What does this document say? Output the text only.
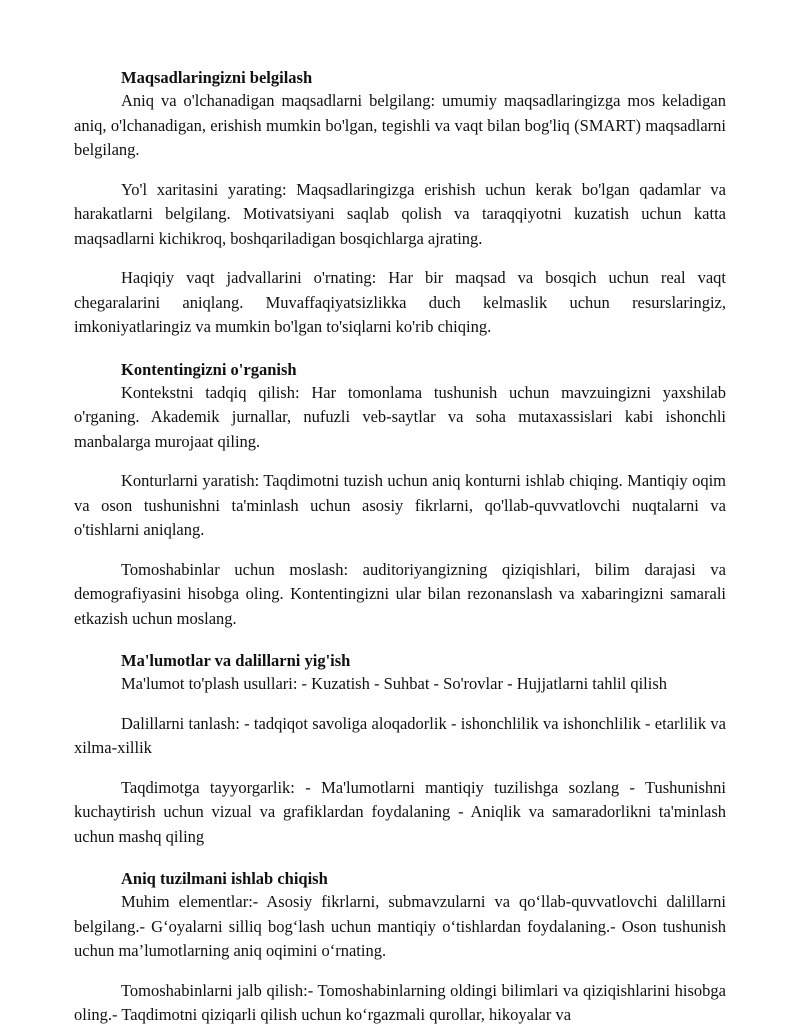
Maqsadlaringizni belgilash

Aniq va o'lchanadigan maqsadlarni belgilang: umumiy maqsadlaringizga mos keladigan aniq, o'lchanadigan, erishish mumkin bo'lgan, tegishli va vaqt bilan bog'liq (SMART) maqsadlarni belgilang.

Yo'l xaritasini yarating: Maqsadlaringizga erishish uchun kerak bo'lgan qadamlar va harakatlarni belgilang. Motivatsiyani saqlab qolish va taraqqiyotni kuzatish uchun katta maqsadlarni kichikroq, boshqariladigan bosqichlarga ajrating.

Haqiqiy vaqt jadvallarini o'rnating: Har bir maqsad va bosqich uchun real vaqt chegaralarini aniqlang. Muvaffaqiyatsizlikka duch kelmaslik uchun resurslaringiz, imkoniyatlaringiz va mumkin bo'lgan to'siqlarni ko'rib chiqing.

Kontentingizni o'rganish

Kontekstni tadqiq qilish: Har tomonlama tushunish uchun mavzuingizni yaxshilab o'rganing. Akademik jurnallar, nufuzli veb-saytlar va soha mutaxassislari kabi ishonchli manbalarga murojaat qiling.

Konturlarni yaratish: Taqdimotni tuzish uchun aniq konturni ishlab chiqing. Mantiqiy oqim va oson tushunishni ta'minlash uchun asosiy fikrlarni, qo'llab-quvvatlovchi nuqtalarni va o'tishlarni aniqlang.

Tomoshabinlar uchun moslash: auditoriyangizning qiziqishlari, bilim darajasi va demografiyasini hisobga oling. Kontentingizni ular bilan rezonanslash va xabaringizni samarali etkazish uchun moslang.

Ma'lumotlar va dalillarni yig'ish

Ma'lumot to'plash usullari: - Kuzatish - Suhbat - So'rovlar - Hujjatlarni tahlil qilish

Dalillarni tanlash: - tadqiqot savoliga aloqadorlik - ishonchlilik va ishonchlilik - etarlilik va xilma-xillik

Taqdimotga tayyorgarlik: - Ma'lumotlarni mantiqiy tuzilishga sozlang - Tushunishni kuchaytirish uchun vizual va grafiklardan foydalaning - Aniqlik va samaradorlikni ta'minlash uchun mashq qiling

Aniq tuzilmani ishlab chiqish

Muhim elementlar:- Asosiy fikrlarni, submavzularni va qo‘llab-quvvatlovchi dalillarni belgilang.- G‘oyalarni silliq bog‘lash uchun mantiqiy o‘tishlardan foydalaning.- Oson tushunish uchun ma’lumotlarning aniq oqimini o‘rnating.

Tomoshabinlarni jalb qilish:- Tomoshabinlarning oldingi bilimlari va qiziqishlarini hisobga oling.- Taqdimotni qiziqarli qilish uchun ko‘rgazmali qurollar, hikoyalar va
